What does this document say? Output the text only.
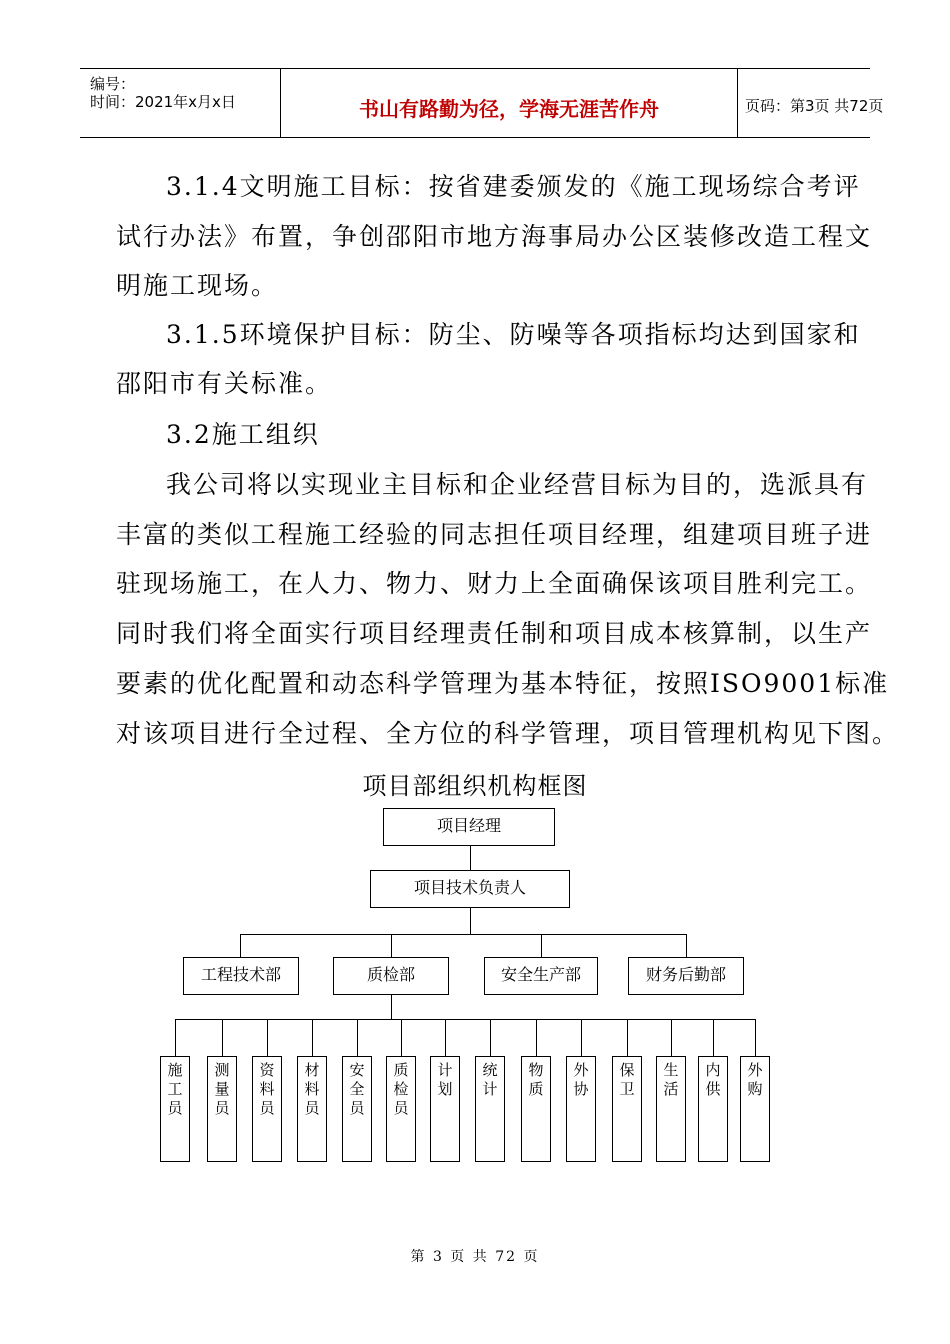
编号：
时间：2021年x月x日	书山有路勤为径，学海无涯苦作舟	页码：第3页 共72页
3.1.4文明施工目标：按省建委颁发的《施工现场综合考评
试行办法》布置，争创邵阳市地方海事局办公区装修改造工程文
明施工现场。
3.1.5环境保护目标：防尘、防噪等各项指标均达到国家和
邵阳市有关标准。
3.2施工组织
我公司将以实现业主目标和企业经营目标为目的，选派具有
丰富的类似工程施工经验的同志担任项目经理，组建项目班子进
驻现场施工，在人力、物力、财力上全面确保该项目胜利完工。
同时我们将全面实行项目经理责任制和项目成本核算制，以生产
要素的优化配置和动态科学管理为基本特征，按照ISO9001标准
对该项目进行全过程、全方位的科学管理，项目管理机构见下图。
项目部组织机构框图
项目经理
项目技术负责人
工程技术部	质检部	安全生产部	财务后勤部
施
工
员
测
量
员
资
料
员
材
料
员
安
全
员
质
检
员
计
划
统
计
物
质
外
协
保
卫
生
活
内
供
外
购
第 3 页 共 72 页
